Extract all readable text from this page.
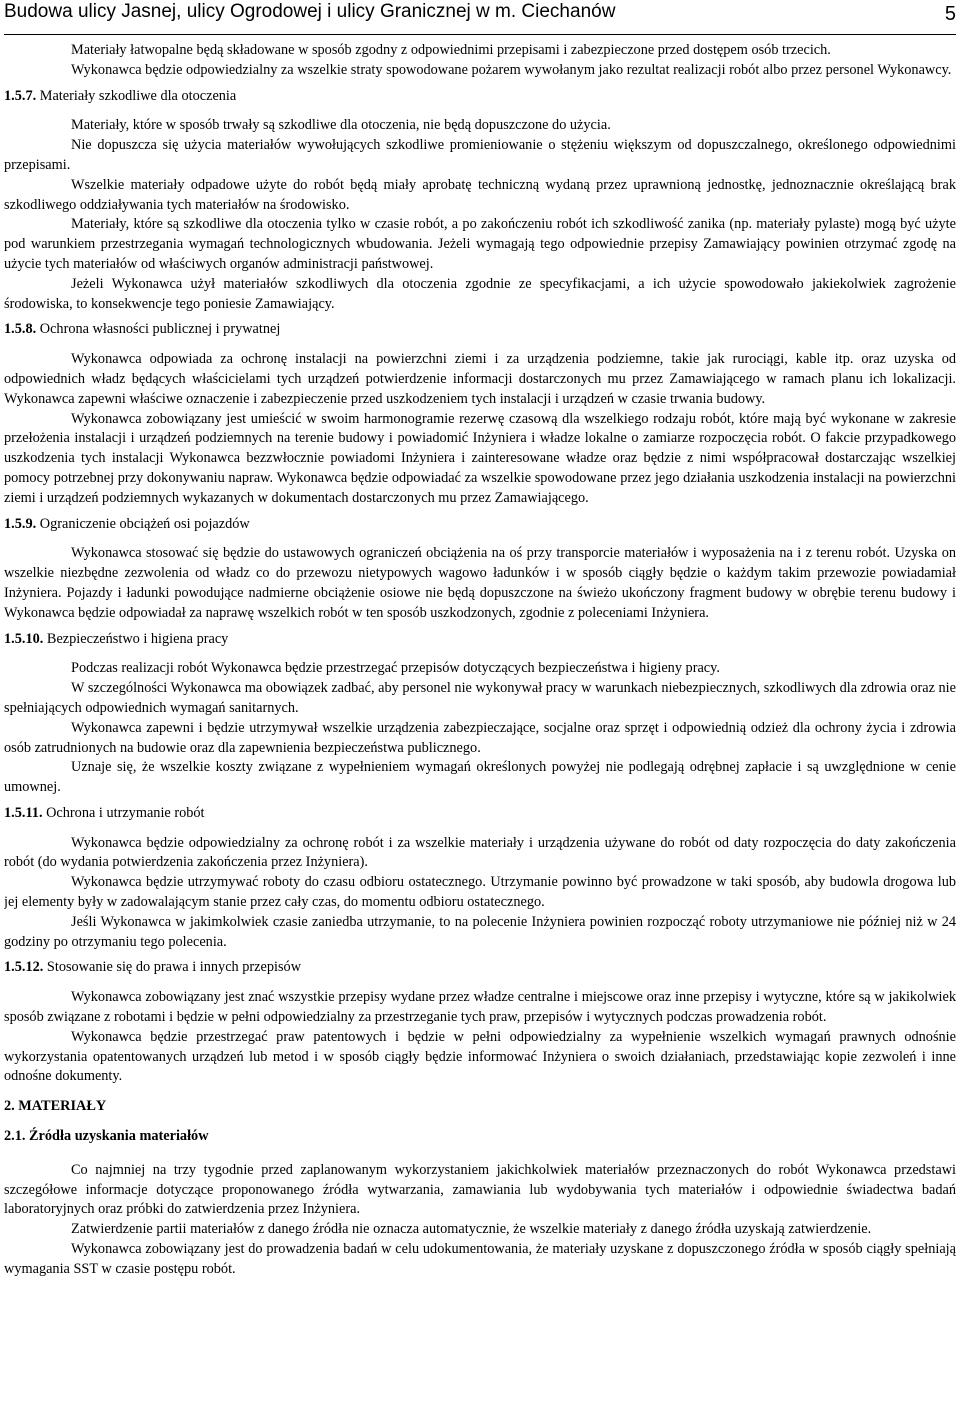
Budowa ulicy Jasnej, ulicy Ogrodowej i ulicy Granicznej w m. Ciechanów	5

Materiały łatwopalne będą składowane w sposób zgodny z odpowiednimi przepisami i zabezpieczone przed dostępem osób trzecich.

Wykonawca będzie odpowiedzialny za wszelkie straty spowodowane pożarem wywołanym jako rezultat realizacji robót albo przez personel Wykonawcy.

1.5.7. Materiały szkodliwe dla otoczenia

Materiały, które w sposób trwały są szkodliwe dla otoczenia, nie będą dopuszczone do użycia.

Nie dopuszcza się użycia materiałów wywołujących szkodliwe promieniowanie o stężeniu większym od dopuszczalnego, określonego odpowiednimi przepisami.

Wszelkie materiały odpadowe użyte do robót będą miały aprobatę techniczną wydaną przez uprawnioną jednostkę, jednoznacznie określającą brak szkodliwego oddziaływania tych materiałów na środowisko.

Materiały, które są szkodliwe dla otoczenia tylko w czasie robót, a po zakończeniu robót ich szkodliwość zanika (np. materiały pylaste) mogą być użyte pod warunkiem przestrzegania wymagań technologicznych wbudowania. Jeżeli wymagają tego odpowiednie przepisy Zamawiający powinien otrzymać zgodę na użycie tych materiałów od właściwych organów administracji państwowej.

Jeżeli Wykonawca użył materiałów szkodliwych dla otoczenia zgodnie ze specyfikacjami, a ich użycie spowodowało jakiekolwiek zagrożenie środowiska, to konsekwencje tego poniesie Zamawiający.

1.5.8. Ochrona własności publicznej i prywatnej

Wykonawca odpowiada za ochronę instalacji na powierzchni ziemi i za urządzenia podziemne, takie jak rurociągi, kable itp. oraz uzyska od odpowiednich władz będących właścicielami tych urządzeń potwierdzenie informacji dostarczonych mu przez Zamawiającego w ramach planu ich lokalizacji. Wykonawca zapewni właściwe oznaczenie i zabezpieczenie przed uszkodzeniem tych instalacji i urządzeń w czasie trwania budowy.

Wykonawca zobowiązany jest umieścić w swoim harmonogramie rezerwę czasową dla wszelkiego rodzaju robót, które mają być wykonane w zakresie przełożenia instalacji i urządzeń podziemnych na terenie budowy i powiadomić Inżyniera i władze lokalne o zamiarze rozpoczęcia robót. O fakcie przypadkowego uszkodzenia tych instalacji Wykonawca bezzwłocznie powiadomi Inżyniera i zainteresowane władze oraz będzie z nimi współpracował dostarczając wszelkiej pomocy potrzebnej przy dokonywaniu napraw. Wykonawca będzie odpowiadać za wszelkie spowodowane przez jego działania uszkodzenia instalacji na powierzchni ziemi i urządzeń podziemnych wykazanych w dokumentach dostarczonych mu przez Zamawiającego.

1.5.9. Ograniczenie obciążeń osi pojazdów

Wykonawca stosować się będzie do ustawowych ograniczeń obciążenia na oś przy transporcie materiałów i wyposażenia na i z terenu robót. Uzyska on wszelkie niezbędne zezwolenia od władz co do przewozu nietypowych wagowo ładunków i w sposób ciągły będzie o każdym takim przewozie powiadamiał Inżyniera. Pojazdy i ładunki powodujące nadmierne obciążenie osiowe nie będą dopuszczone na świeżo ukończony fragment budowy w obrębie terenu budowy i Wykonawca będzie odpowiadał za naprawę wszelkich robót w ten sposób uszkodzonych, zgodnie z poleceniami Inżyniera.

1.5.10. Bezpieczeństwo i higiena pracy

Podczas realizacji robót Wykonawca będzie przestrzegać przepisów dotyczących bezpieczeństwa i higieny pracy.

W szczególności Wykonawca ma obowiązek zadbać, aby personel nie wykonywał pracy w warunkach niebezpiecznych, szkodliwych dla zdrowia oraz nie spełniających odpowiednich wymagań sanitarnych.

Wykonawca zapewni i będzie utrzymywał wszelkie urządzenia zabezpieczające, socjalne oraz sprzęt i odpowiednią odzież dla ochrony życia i zdrowia osób zatrudnionych na budowie oraz dla zapewnienia bezpieczeństwa publicznego.

Uznaje się, że wszelkie koszty związane z wypełnieniem wymagań określonych powyżej nie podlegają odrębnej zapłacie i są uwzględnione w cenie umownej.

1.5.11. Ochrona i utrzymanie robót

Wykonawca będzie odpowiedzialny za ochronę robót i za wszelkie materiały i urządzenia używane do robót od daty rozpoczęcia do daty zakończenia robót (do wydania potwierdzenia zakończenia przez Inżyniera).

Wykonawca będzie utrzymywać roboty do czasu odbioru ostatecznego. Utrzymanie powinno być prowadzone w taki sposób, aby budowla drogowa lub jej elementy były w zadowalającym stanie przez cały czas, do momentu odbioru ostatecznego.

Jeśli Wykonawca w jakimkolwiek czasie zaniedba utrzymanie, to na polecenie Inżyniera powinien rozpocząć roboty utrzymaniowe nie później niż w 24 godziny po otrzymaniu tego polecenia.

1.5.12. Stosowanie się do prawa i innych przepisów

Wykonawca zobowiązany jest znać wszystkie przepisy wydane przez władze centralne i miejscowe oraz inne przepisy i wytyczne, które są w jakikolwiek sposób związane z robotami i będzie w pełni odpowiedzialny za przestrzeganie tych praw, przepisów i wytycznych podczas prowadzenia robót.

Wykonawca będzie przestrzegać praw patentowych i będzie w pełni odpowiedzialny za wypełnienie wszelkich wymagań prawnych odnośnie wykorzystania opatentowanych urządzeń lub metod i w sposób ciągły będzie informować Inżyniera o swoich działaniach, przedstawiając kopie zezwoleń i inne odnośne dokumenty.

2. MATERIAŁY
2.1. Źródła uzyskania materiałów

Co najmniej na trzy tygodnie przed zaplanowanym wykorzystaniem jakichkolwiek materiałów przeznaczonych do robót Wykonawca przedstawi szczegółowe informacje dotyczące proponowanego źródła wytwarzania, zamawiania lub wydobywania tych materiałów i odpowiednie świadectwa badań laboratoryjnych oraz próbki do zatwierdzenia przez Inżyniera.

Zatwierdzenie partii materiałów z danego źródła nie oznacza automatycznie, że wszelkie materiały z danego źródła uzyskają zatwierdzenie.

Wykonawca zobowiązany jest do prowadzenia badań w celu udokumentowania, że materiały uzyskane z dopuszczonego źródła w sposób ciągły spełniają wymagania SST w czasie postępu robót.
